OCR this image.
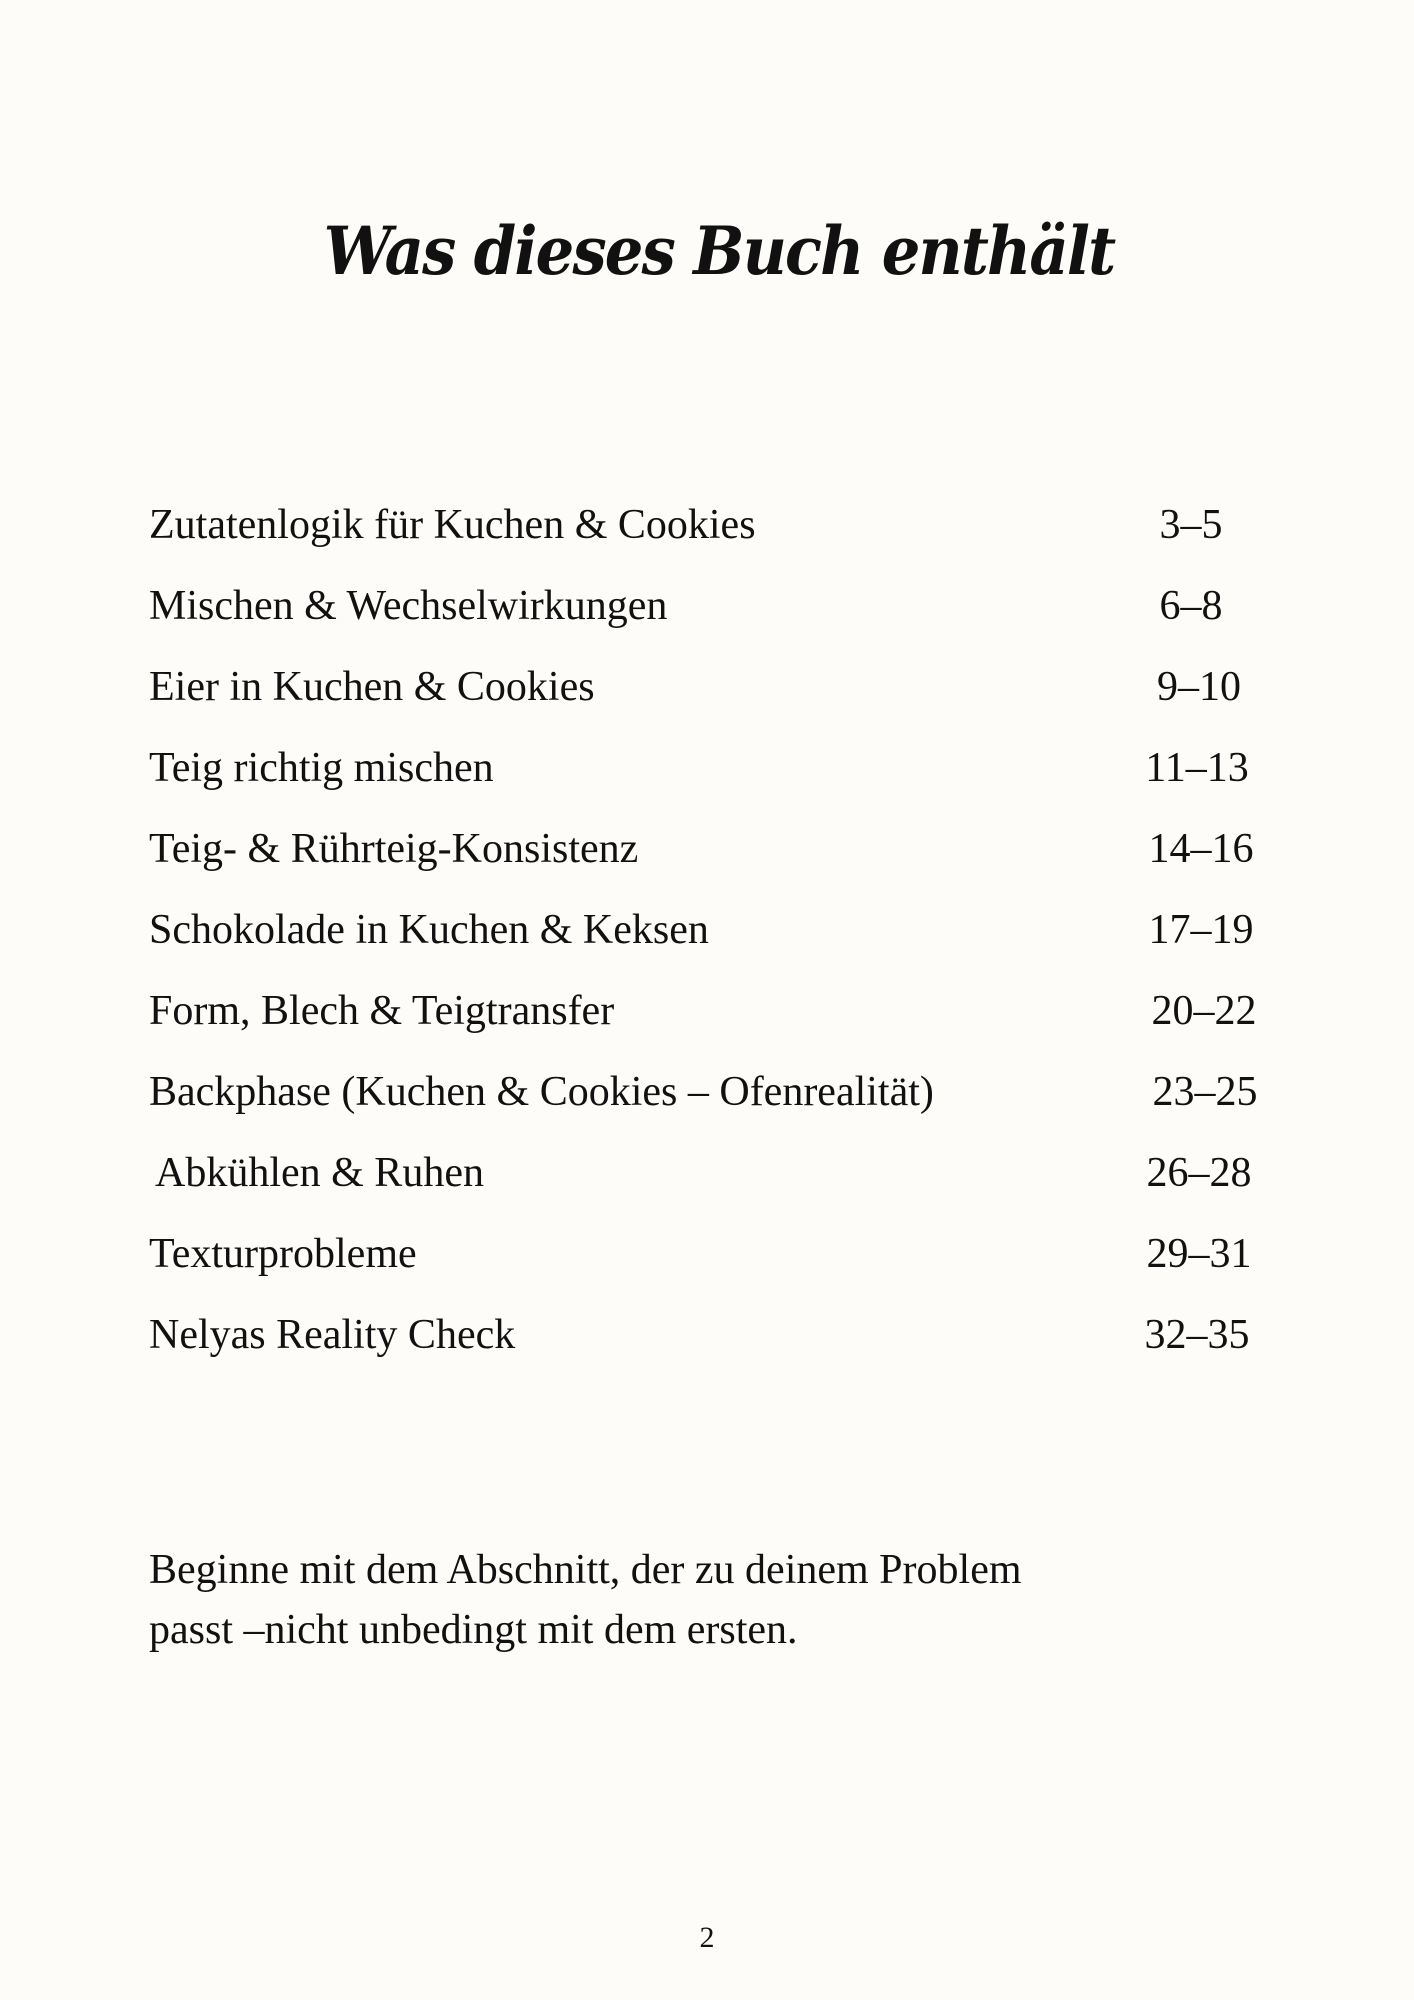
Was dieses Buch enthält
Zutatenlogik für Kuchen & Cookies	3–5
Mischen & Wechselwirkungen	6–8
Eier in Kuchen & Cookies	9–10
Teig richtig mischen	11–13
Teig- & Rührteig-Konsistenz	14–16
Schokolade in Kuchen & Keksen	17–19
Form, Blech & Teigtransfer	20–22
Backphase (Kuchen & Cookies – Ofenrealität)	23–25
Abkühlen & Ruhen	26–28
Texturprobleme	29–31
Nelyas Reality Check	32–35

Beginne mit dem Abschnitt, der zu deinem Problem
passt –nicht unbedingt mit dem ersten.

2
